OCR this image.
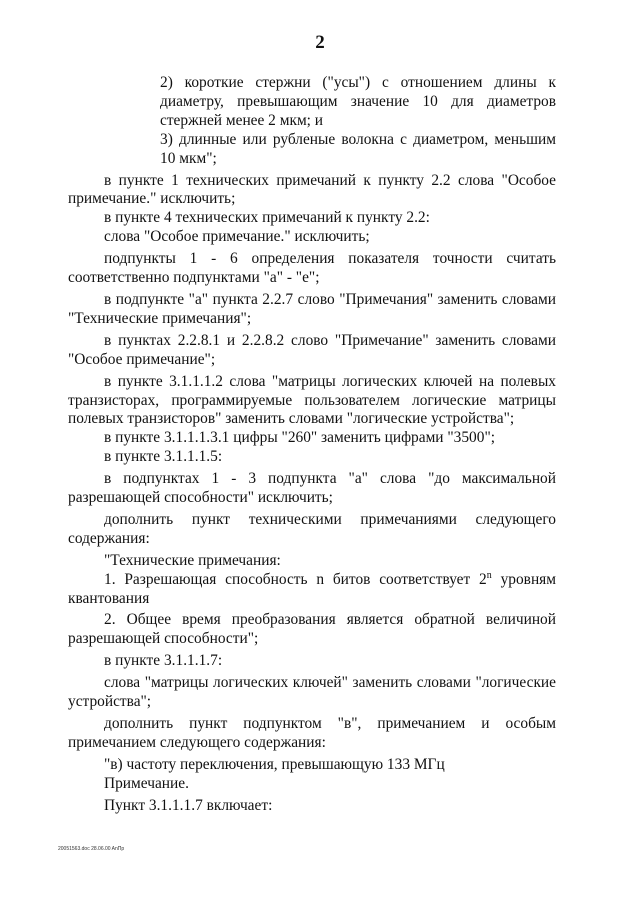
2

2) короткие стержни ("усы") с отношением длины к диаметру, превышающим значение 10 для диаметров стержней менее 2 мкм; и

3) длинные или рубленые волокна с диаметром, меньшим 10 мкм";

в пункте 1 технических примечаний к пункту 2.2 слова "Особое примечание." исключить;

в пункте 4 технических примечаний к пункту 2.2:

слова "Особое примечание." исключить;

подпункты 1 - 6 определения показателя точности считать соответственно подпунктами "а" - "е";

в подпункте "а" пункта 2.2.7 слово "Примечания" заменить словами "Технические примечания";

в пунктах 2.2.8.1 и 2.2.8.2 слово "Примечание" заменить словами "Особое примечание";

в пункте 3.1.1.1.2 слова "матрицы логических ключей на полевых транзисторах, программируемые пользователем логические матрицы полевых транзисторов" заменить словами "логические устройства";

в пункте 3.1.1.1.3.1 цифры "260" заменить цифрами "3500";

в пункте 3.1.1.1.5:

в подпунктах 1 - 3 подпункта "а" слова "до максимальной разрешающей способности" исключить;

дополнить пункт техническими примечаниями следующего содержания:

"Технические примечания:

1. Разрешающая способность n битов соответствует 2$^n$ уровням квантования

2. Общее время преобразования является обратной величиной разрешающей способности";

в пункте 3.1.1.1.7:

слова "матрицы логических ключей" заменить словами "логические устройства";

дополнить пункт подпунктом "в", примечанием и особым примечанием следующего содержания:

"в) частоту переключения, превышающую 133 МГц

Примечание.

Пункт 3.1.1.1.7 включает:

20051563.doc 28.06.00 AnПр
